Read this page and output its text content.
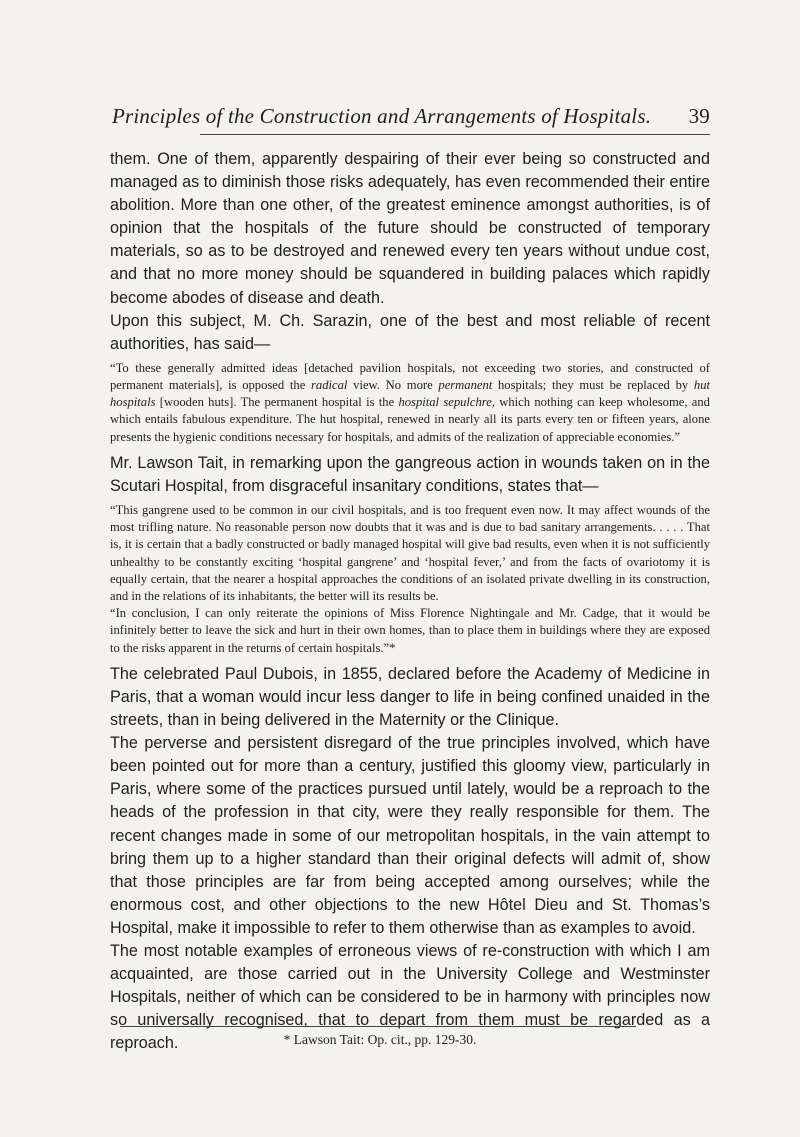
Principles of the Construction and Arrangements of Hospitals. 39

them. One of them, apparently despairing of their ever being so constructed and managed as to diminish those risks adequately, has even recommended their entire abolition. More than one other, of the greatest eminence amongst authorities, is of opinion that the hospitals of the future should be constructed of temporary materials, so as to be destroyed and renewed every ten years without undue cost, and that no more money should be squandered in building palaces which rapidly become abodes of disease and death.

Upon this subject, M. Ch. Sarazin, one of the best and most reliable of recent authorities, has said—

“To these generally admitted ideas [detached pavilion hospitals, not exceeding two stories, and constructed of permanent materials], is opposed the radical view. No more permanent hospitals; they must be replaced by hut hospitals [wooden huts]. The permanent hospital is the hospital sepulchre, which nothing can keep wholesome, and which entails fabulous expenditure. The hut hospital, renewed in nearly all its parts every ten or fifteen years, alone presents the hygienic conditions necessary for hospitals, and admits of the realization of appreciable economies.”

Mr. Lawson Tait, in remarking upon the gangreous action in wounds taken on in the Scutari Hospital, from disgraceful insanitary conditions, states that—

“This gangrene used to be common in our civil hospitals, and is too frequent even now. It may affect wounds of the most trifling nature. No reasonable person now doubts that it was and is due to bad sanitary arrangements. . . . . That is, it is certain that a badly constructed or badly managed hospital will give bad results, even when it is not sufficiently unhealthy to be constantly exciting ‘hospital gangrene’ and ‘hospital fever,’ and from the facts of ovariotomy it is equally certain, that the nearer a hospital approaches the conditions of an isolated private dwelling in its construction, and in the relations of its inhabitants, the better will its results be.

“In conclusion, I can only reiterate the opinions of Miss Florence Nightingale and Mr. Cadge, that it would be infinitely better to leave the sick and hurt in their own homes, than to place them in buildings where they are exposed to the risks apparent in the returns of certain hospitals.”*

The celebrated Paul Dubois, in 1855, declared before the Academy of Medicine in Paris, that a woman would incur less danger to life in being confined unaided in the streets, than in being delivered in the Maternity or the Clinique.

The perverse and persistent disregard of the true principles involved, which have been pointed out for more than a century, justified this gloomy view, particularly in Paris, where some of the practices pursued until lately, would be a reproach to the heads of the profession in that city, were they really responsible for them. The recent changes made in some of our metropolitan hospitals, in the vain attempt to bring them up to a higher standard than their original defects will admit of, show that those principles are far from being accepted among ourselves; while the enormous cost, and other objections to the new Hôtel Dieu and St. Thomas’s Hospital, make it impossible to refer to them otherwise than as examples to avoid.

The most notable examples of erroneous views of re-construction with which I am acquainted, are those carried out in the University College and Westminster Hospitals, neither of which can be considered to be in harmony with principles now so universally recognised, that to depart from them must be regarded as a reproach.	* Lawson Tait: Op. cit., pp. 129-30.
